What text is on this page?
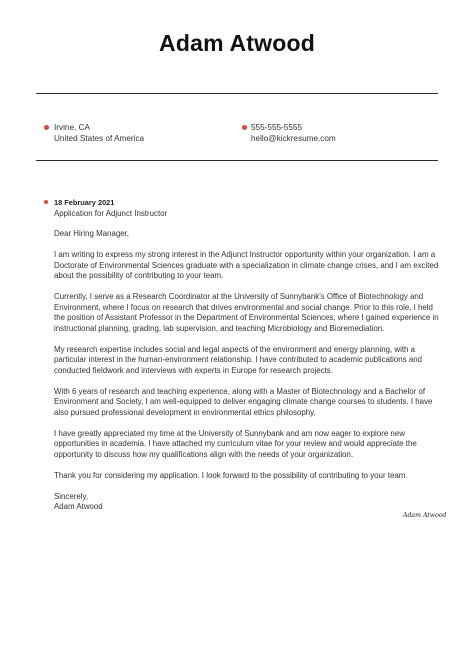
Adam Atwood
Irvine, CA
United States of America
555-555-5555
hello@kickresume.com
18 February 2021
Application for Adjunct Instructor

Dear Hiring Manager,

I am writing to express my strong interest in the Adjunct Instructor opportunity within your organization. I am a Doctorate of Environmental Sciences graduate with a specialization in climate change crises, and I am excited about the possibility of contributing to your team.

Currently, I serve as a Research Coordinator at the University of Sunnybank's Office of Biotechnology and Environment, where I focus on research that drives environmental and social change. Prior to this role, I held the position of Assistant Professor in the Department of Environmental Sciences, where I gained experience in instructional planning, grading, lab supervision, and teaching Microbiology and Bioremediation.

My research expertise includes social and legal aspects of the environment and energy planning, with a particular interest in the human-environment relationship. I have contributed to academic publications and conducted fieldwork and interviews with experts in Europe for research projects.

With 6 years of research and teaching experience, along with a Master of Biotechnology and a Bachelor of Environment and Society, I am well-equipped to deliver engaging climate change courses to students. I have also pursued professional development in environmental ethics philosophy.

I have greatly appreciated my time at the University of Sunnybank and am now eager to explore new opportunities in academia. I have attached my curriculum vitae for your review and would appreciate the opportunity to discuss how my qualifications align with the needs of your organization.

Thank you for considering my application. I look forward to the possibility of contributing to your team.

Sincerely,
Adam Atwood
Adam Atwood
